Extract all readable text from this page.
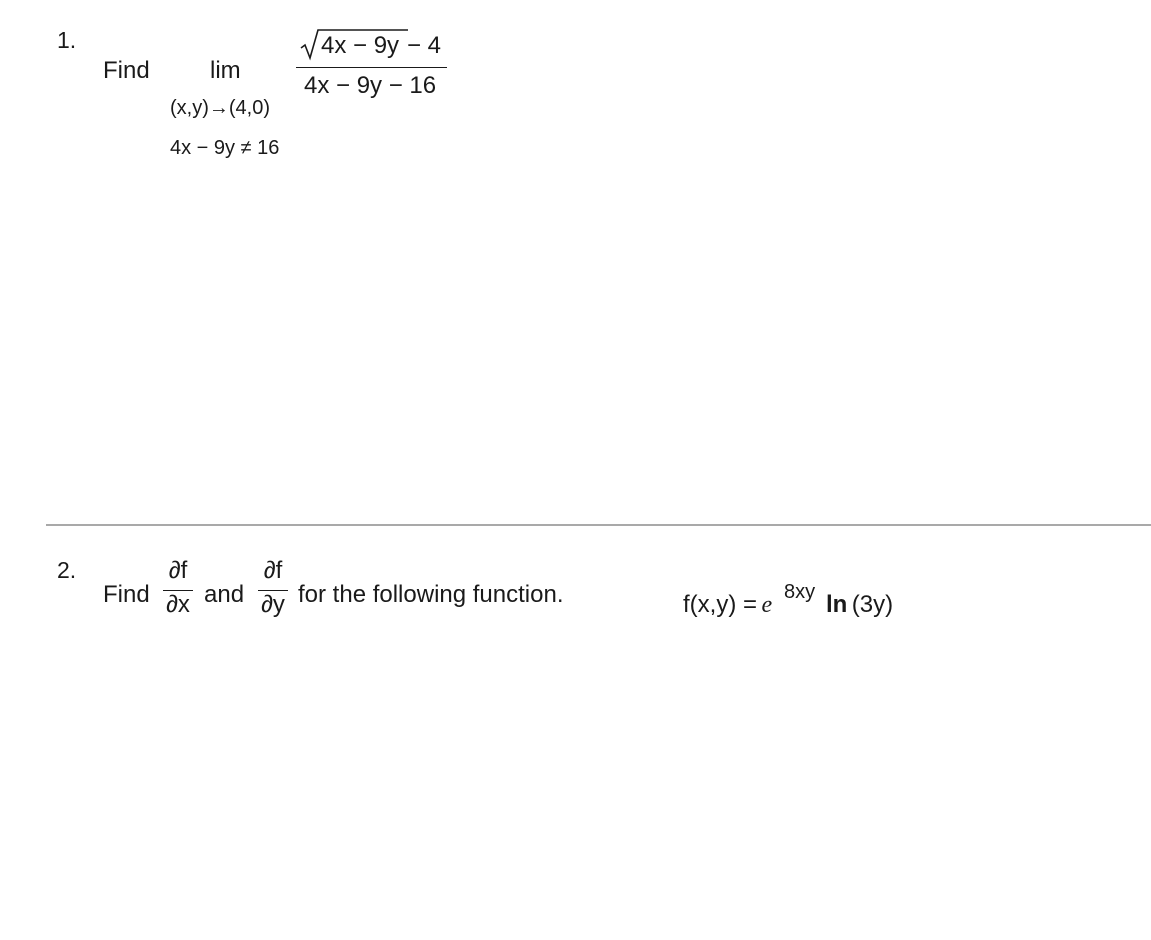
1.
Find	lim
(x,y)→(4,0)
4x − 9y ≠ 16
4x − 9y − 4
4x − 9y − 16
2.
Find
∂f
∂x and
∂f
∂y for the following function.	f(x,y) = e 8xy ln (3y)
